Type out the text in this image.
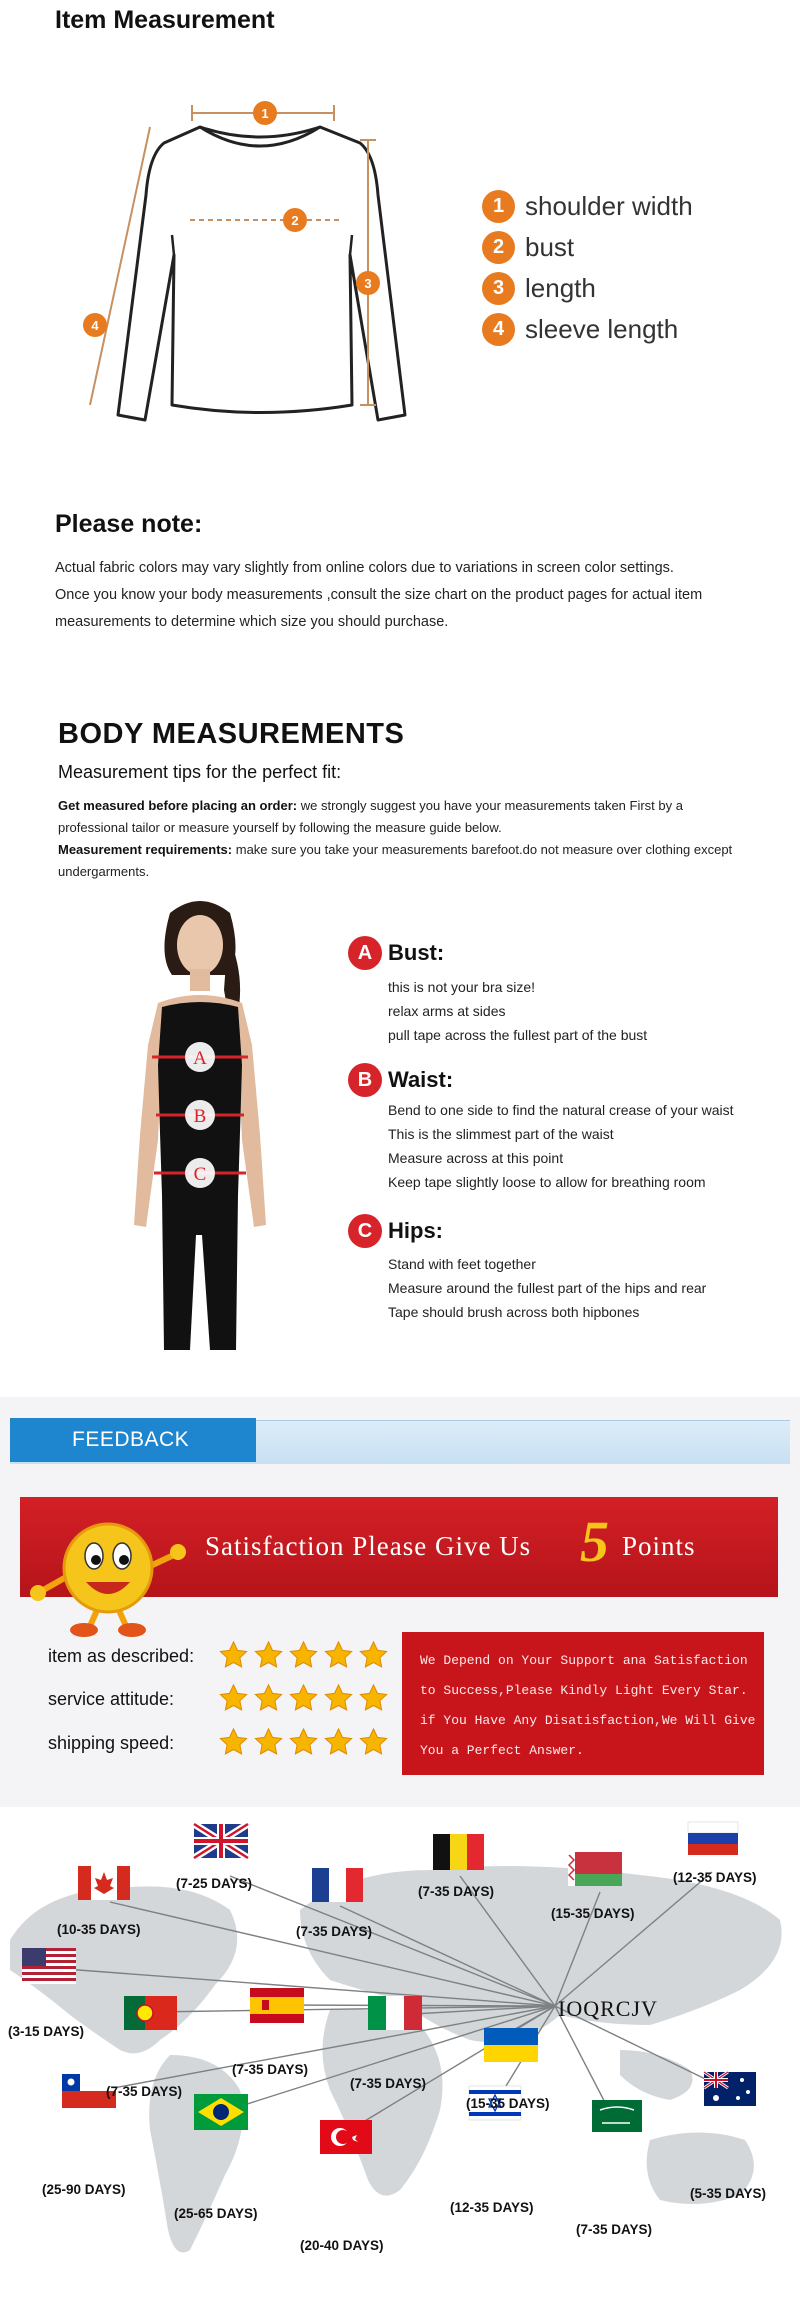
Item Measurement
1
2
3
4
1 shoulder width
2 bust
3 length
4 sleeve length
Please note:
Actual fabric colors may vary slightly from online colors due to variations in screen color settings.
Once you know your body measurements ,consult the size chart on the product pages for actual item measurements to determine which size you should purchase.
BODY MEASUREMENTS
Measurement tips for the perfect fit:
Get measured before placing an order: we strongly suggest you have your measurements taken First by a professional tailor or measure yourself by following the measure guide below.
Measurement requirements: make sure you take your measurements barefoot.do not measure over clothing except undergarments.
A
B
C
A Bust:
this is not your bra size!
relax arms at sides
pull tape across the fullest part of the bust
B Waist:
Bend to one side to find the natural crease of your waist
This is the slimmest part of the waist
Measure across at this point
Keep tape slightly loose to allow for breathing room
C Hips:
Stand with feet together
Measure around the fullest part of the hips and rear
Tape should brush across both hipbones
FEEDBACK
Satisfaction Please Give Us 5 Points
item as described:
service attitude:
shipping speed:
We Depend on Your Support ana Satisfaction
to Success,Please Kindly Light Every Star.
if You Have Any Disatisfaction,We Will Give
You a Perfect Answer.
IOQRCJV
(7-25 DAYS)
(10-35 DAYS)	(7-35 DAYS)
(7-35 DAYS)
(15-35 DAYS)
(12-35 DAYS)
(3-15 DAYS)
(7-35 DAYS)
(7-35 DAYS)
(7-35 DAYS)
(15-35 DAYS)
(25-90 DAYS)
(25-65 DAYS)
(20-40 DAYS)
(12-35 DAYS)
(7-35 DAYS)
(5-35 DAYS)
